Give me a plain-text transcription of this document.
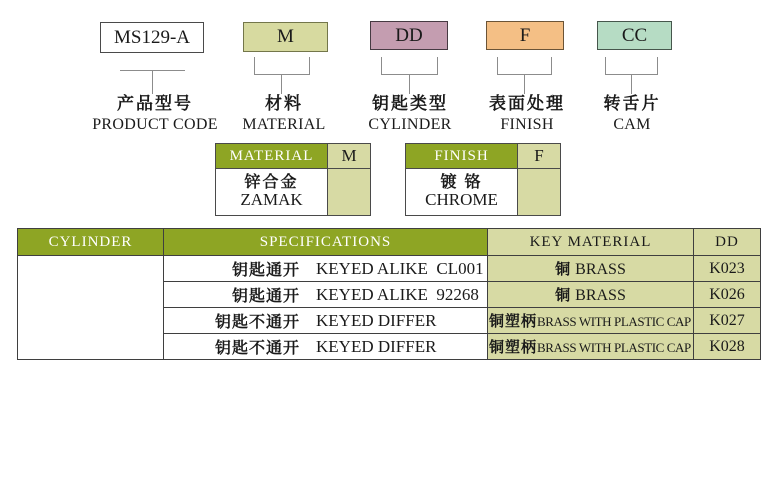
MS129-A	M	DD	F	CC
产品型号
PRODUCT CODE
材料
MATERIAL
钥匙类型
CYLINDER
表面处理
FINISH
转舌片
CAM
MATERIAL	M
锌合金
ZAMAK
FINISH	F
镀 铬
CHROME
CYLINDER	SPECIFICATIONS	KEY MATERIAL	DD

	钥匙通开 KEYED ALIKE  CL001	铜 BRASS	K023

	钥匙通开 KEYED ALIKE  92268	铜 BRASS	K026

	钥匙不通开 KEYED DIFFER	铜塑柄BRASS WITH PLASTIC CAP	K027

	钥匙不通开 KEYED DIFFER	铜塑柄BRASS WITH PLASTIC CAP	K028
